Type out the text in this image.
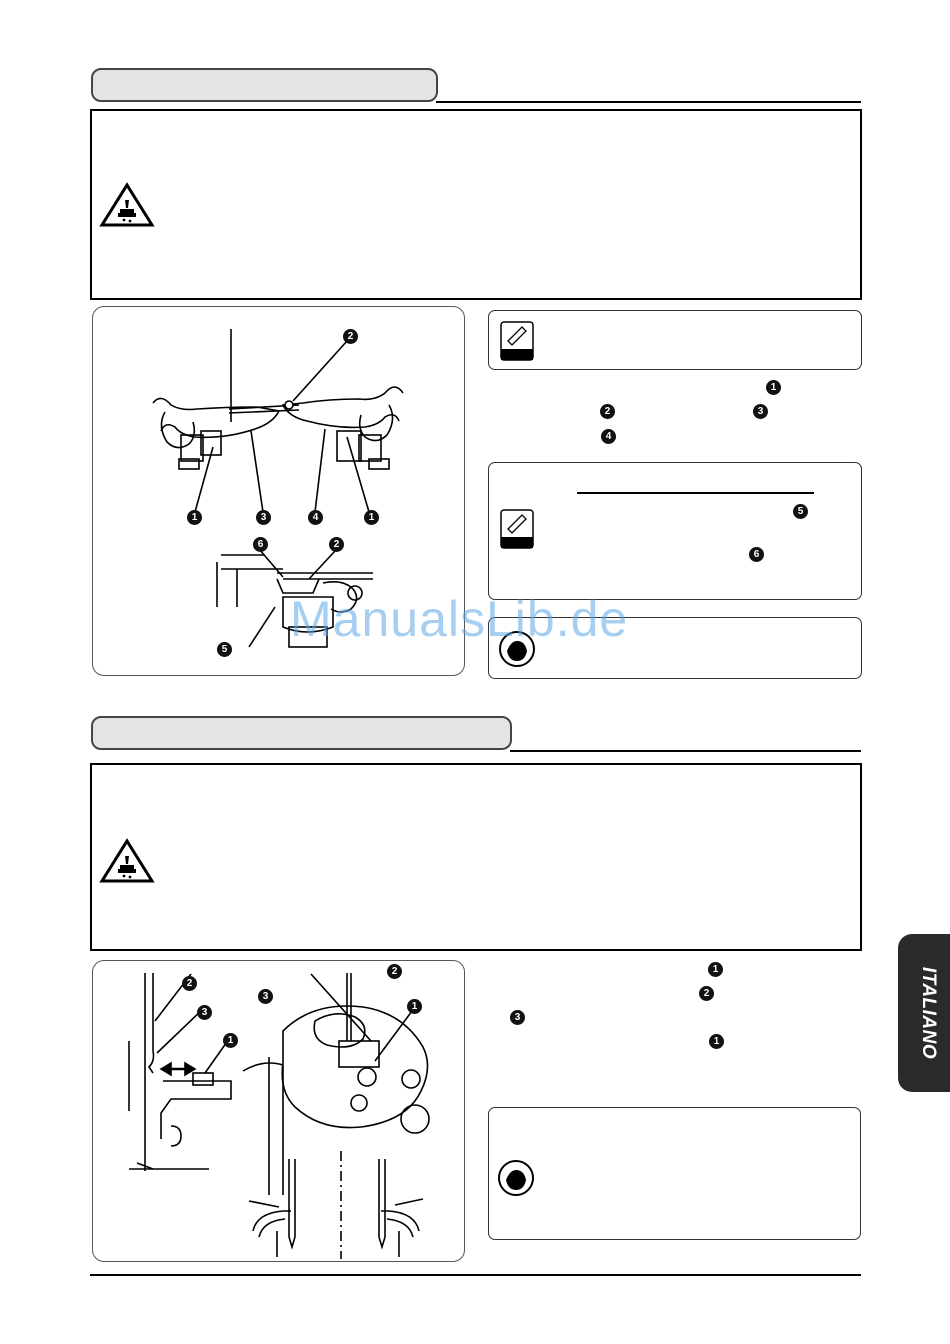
2
1	3	4	1
6	2
5
1
2	3
4
5
6
ManualsLib.de
2
3
1
2
3
1
1
2
3
1	ITALIANO
